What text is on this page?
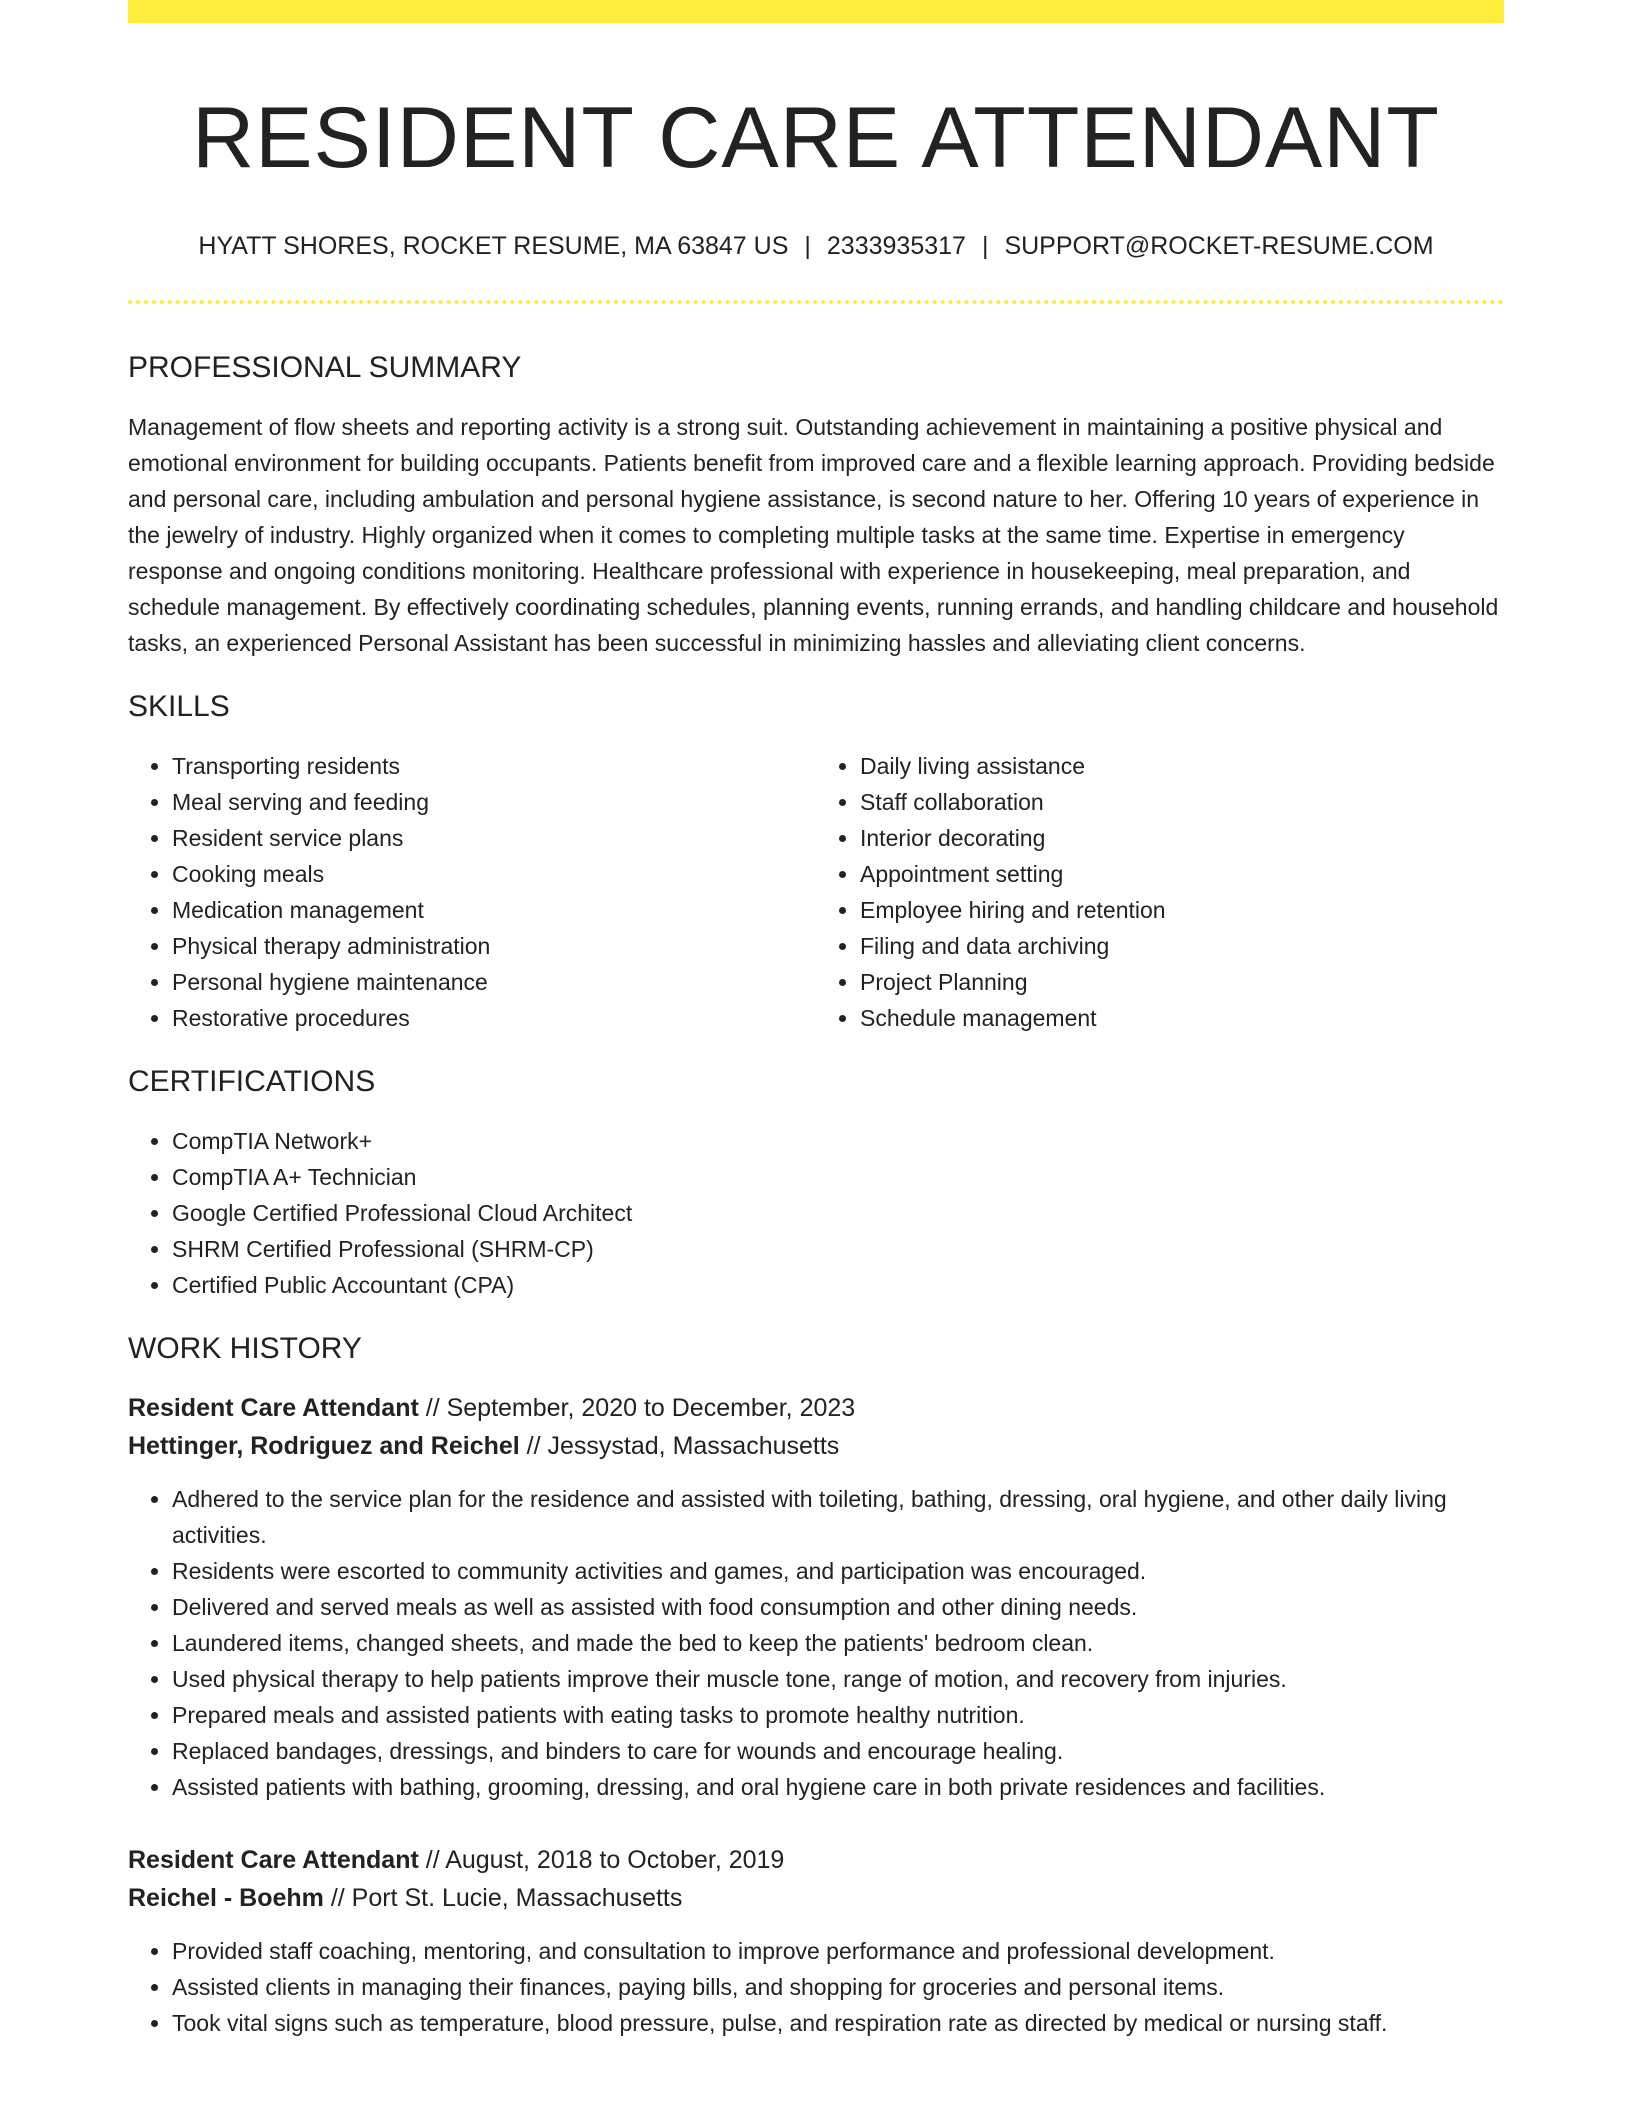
RESIDENT CARE ATTENDANT
HYATT SHORES, ROCKET RESUME, MA 63847 US | 2333935317 | SUPPORT@ROCKET-RESUME.COM
PROFESSIONAL SUMMARY

Management of flow sheets and reporting activity is a strong suit. Outstanding achievement in maintaining a positive physical and emotional environment for building occupants. Patients benefit from improved care and a flexible learning approach. Providing bedside and personal care, including ambulation and personal hygiene assistance, is second nature to her. Offering 10 years of experience in the jewelry of industry. Highly organized when it comes to completing multiple tasks at the same time. Expertise in emergency response and ongoing conditions monitoring. Healthcare professional with experience in housekeeping, meal preparation, and schedule management. By effectively coordinating schedules, planning events, running errands, and handling childcare and household tasks, an experienced Personal Assistant has been successful in minimizing hassles and alleviating client concerns.

SKILLS
• Transporting residents
• Meal serving and feeding
• Resident service plans
• Cooking meals
• Medication management
• Physical therapy administration
• Personal hygiene maintenance
• Restorative procedures
• Daily living assistance
• Staff collaboration
• Interior decorating
• Appointment setting
• Employee hiring and retention
• Filing and data archiving
• Project Planning
• Schedule management
CERTIFICATIONS
• CompTIA Network+
• CompTIA A+ Technician
• Google Certified Professional Cloud Architect
• SHRM Certified Professional (SHRM-CP)
• Certified Public Accountant (CPA)
WORK HISTORY
Resident Care Attendant // September, 2020 to December, 2023
Hettinger, Rodriguez and Reichel // Jessystad, Massachusetts
• Adhered to the service plan for the residence and assisted with toileting, bathing, dressing, oral hygiene, and other daily living activities.
• Residents were escorted to community activities and games, and participation was encouraged.
• Delivered and served meals as well as assisted with food consumption and other dining needs.
• Laundered items, changed sheets, and made the bed to keep the patients' bedroom clean.
• Used physical therapy to help patients improve their muscle tone, range of motion, and recovery from injuries.
• Prepared meals and assisted patients with eating tasks to promote healthy nutrition.
• Replaced bandages, dressings, and binders to care for wounds and encourage healing.
• Assisted patients with bathing, grooming, dressing, and oral hygiene care in both private residences and facilities.
Resident Care Attendant // August, 2018 to October, 2019
Reichel - Boehm // Port St. Lucie, Massachusetts
• Provided staff coaching, mentoring, and consultation to improve performance and professional development.
• Assisted clients in managing their finances, paying bills, and shopping for groceries and personal items.
• Took vital signs such as temperature, blood pressure, pulse, and respiration rate as directed by medical or nursing staff.
